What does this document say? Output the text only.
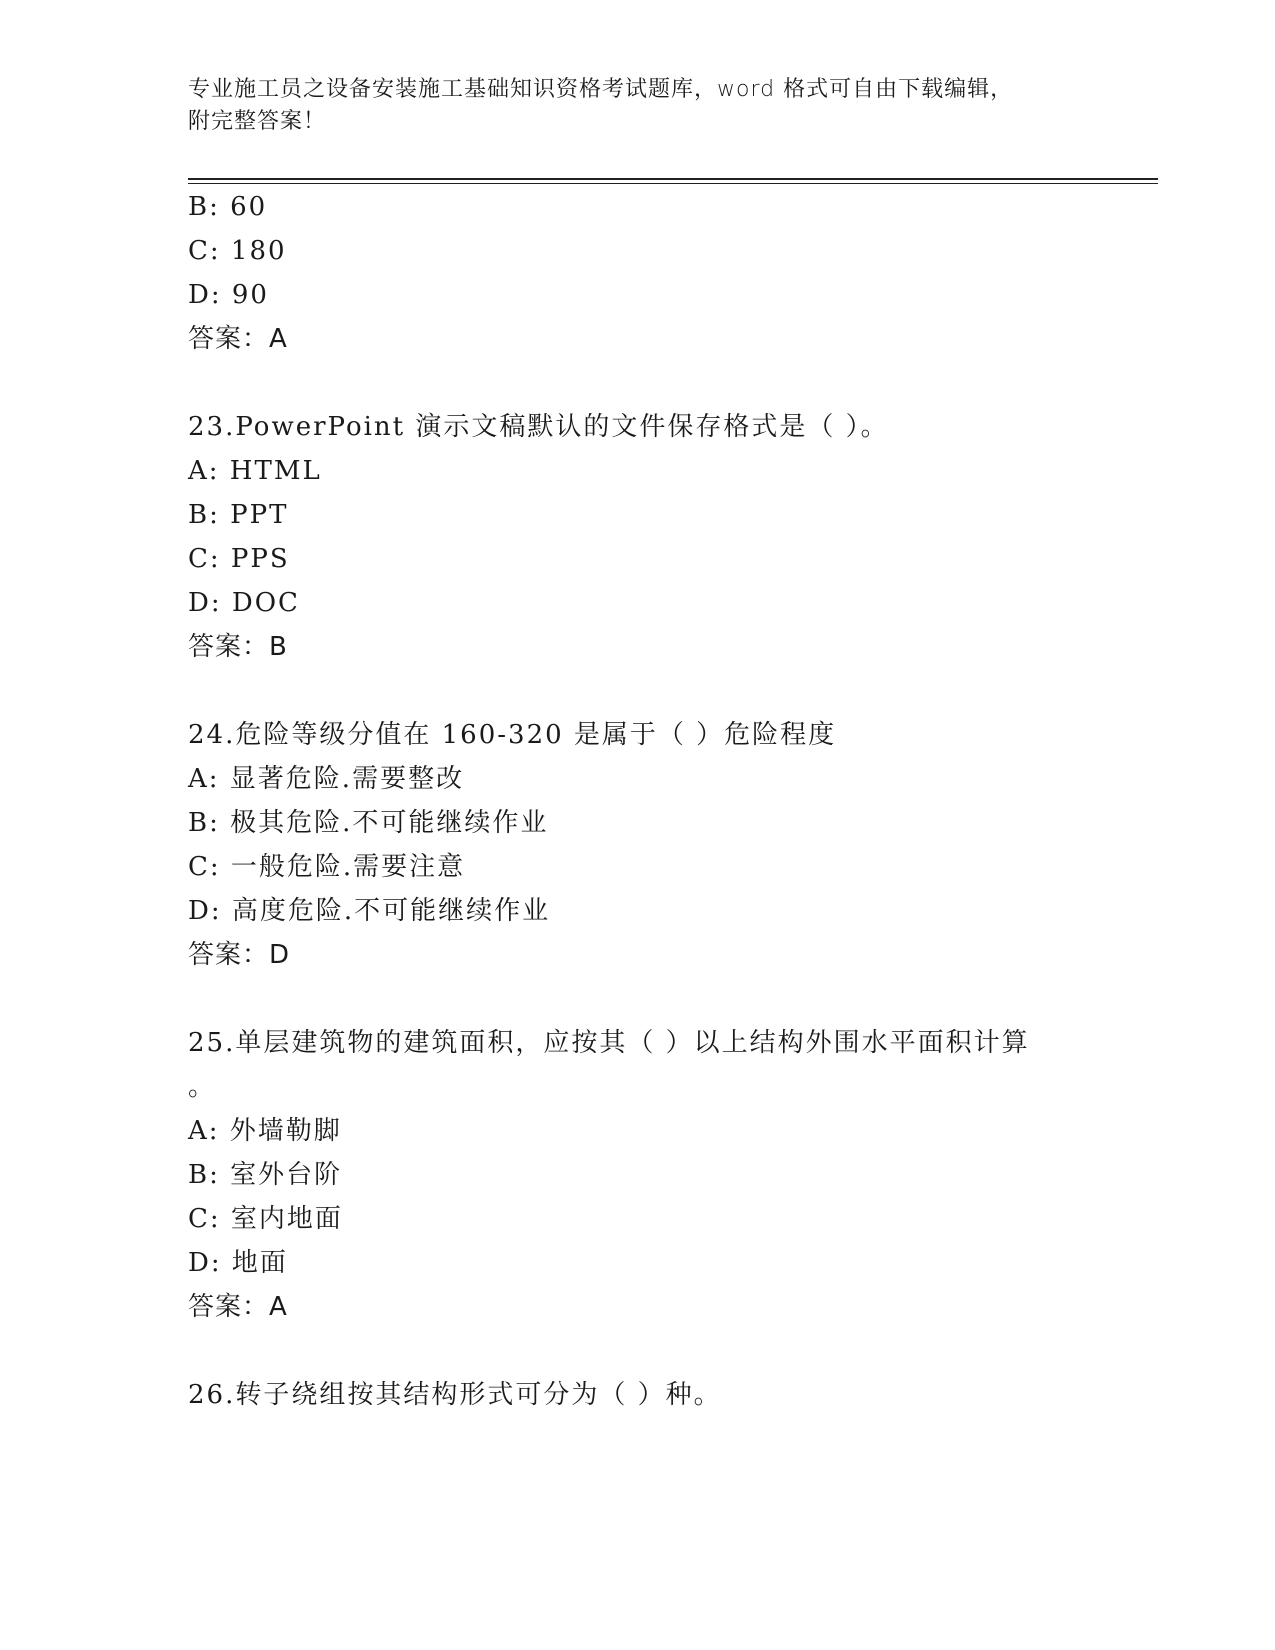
专业施工员之设备安装施工基础知识资格考试题库，word 格式可自由下载编辑，

附完整答案！

B: 60
C: 180
D: 90
答案：A
23.PowerPoint 演示文稿默认的文件保存格式是（ ）。
A: HTML
B: PPT
C: PPS
D: DOC
答案：B
24.危险等级分值在 160-320 是属于（ ）危险程度
A: 显著危险.需要整改
B: 极其危险.不可能继续作业
C: 一般危险.需要注意
D: 高度危险.不可能继续作业
答案：D
25.单层建筑物的建筑面积，应按其（ ）以上结构外围水平面积计算
。
A: 外墙勒脚
B: 室外台阶
C: 室内地面
D: 地面
答案：A
26.转子绕组按其结构形式可分为（ ）种。
